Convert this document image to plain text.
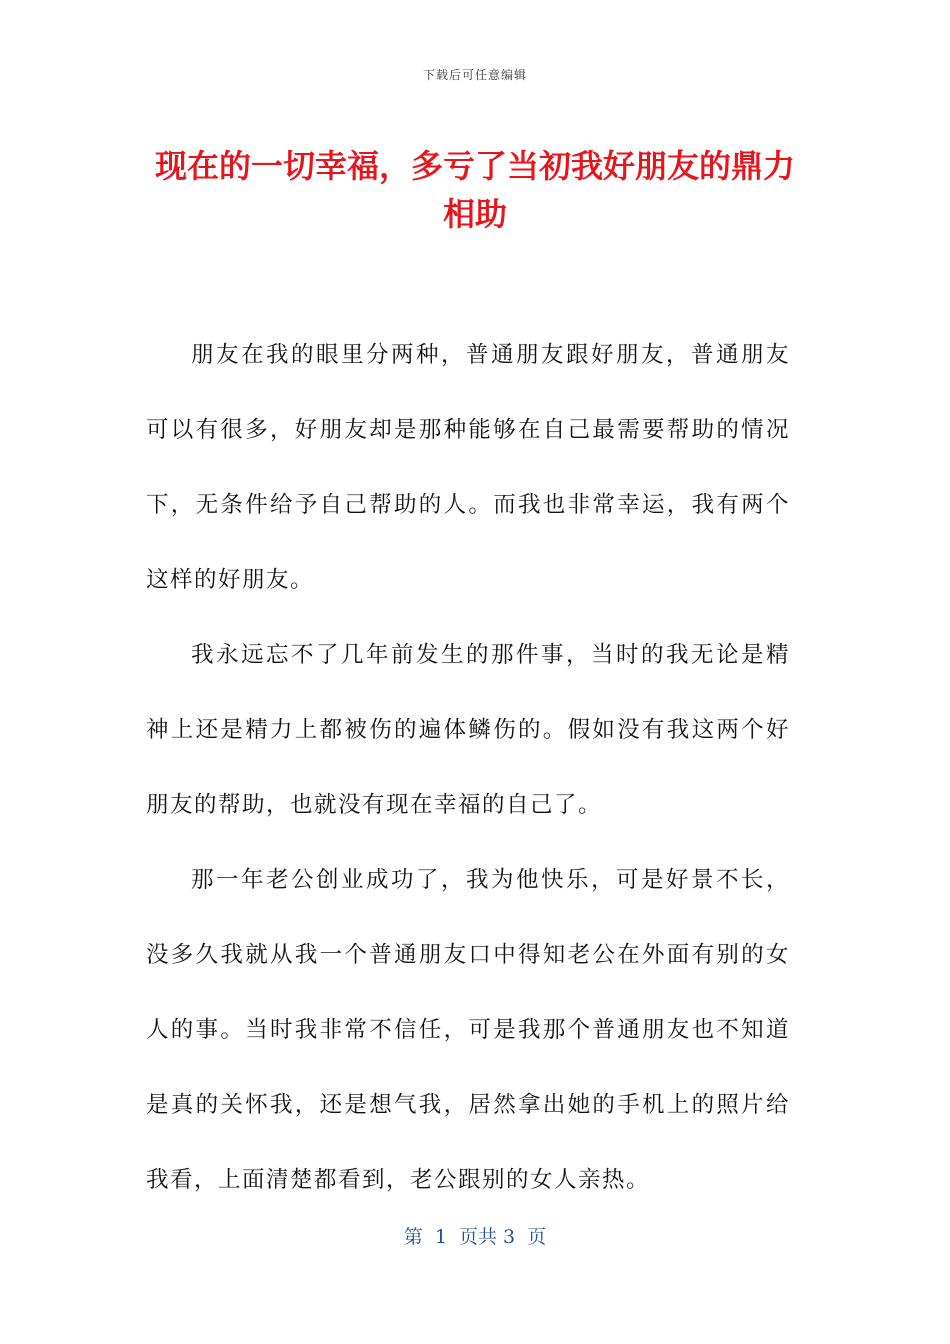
下载后可任意编辑
现在的一切幸福，多亏了当初我好朋友的鼎力相助

朋友在我的眼里分两种，普通朋友跟好朋友，普通朋友可以有很多，好朋友却是那种能够在自己最需要帮助的情况下，无条件给予自己帮助的人。而我也非常幸运，我有两个这样的好朋友。

我永远忘不了几年前发生的那件事，当时的我无论是精神上还是精力上都被伤的遍体鳞伤的。假如没有我这两个好朋友的帮助，也就没有现在幸福的自己了。

那一年老公创业成功了，我为他快乐，可是好景不长，没多久我就从我一个普通朋友口中得知老公在外面有别的女人的事。当时我非常不信任，可是我那个普通朋友也不知道是真的关怀我，还是想气我，居然拿出她的手机上的照片给我看，上面清楚都看到，老公跟别的女人亲热。

第  1  页共 3  页
